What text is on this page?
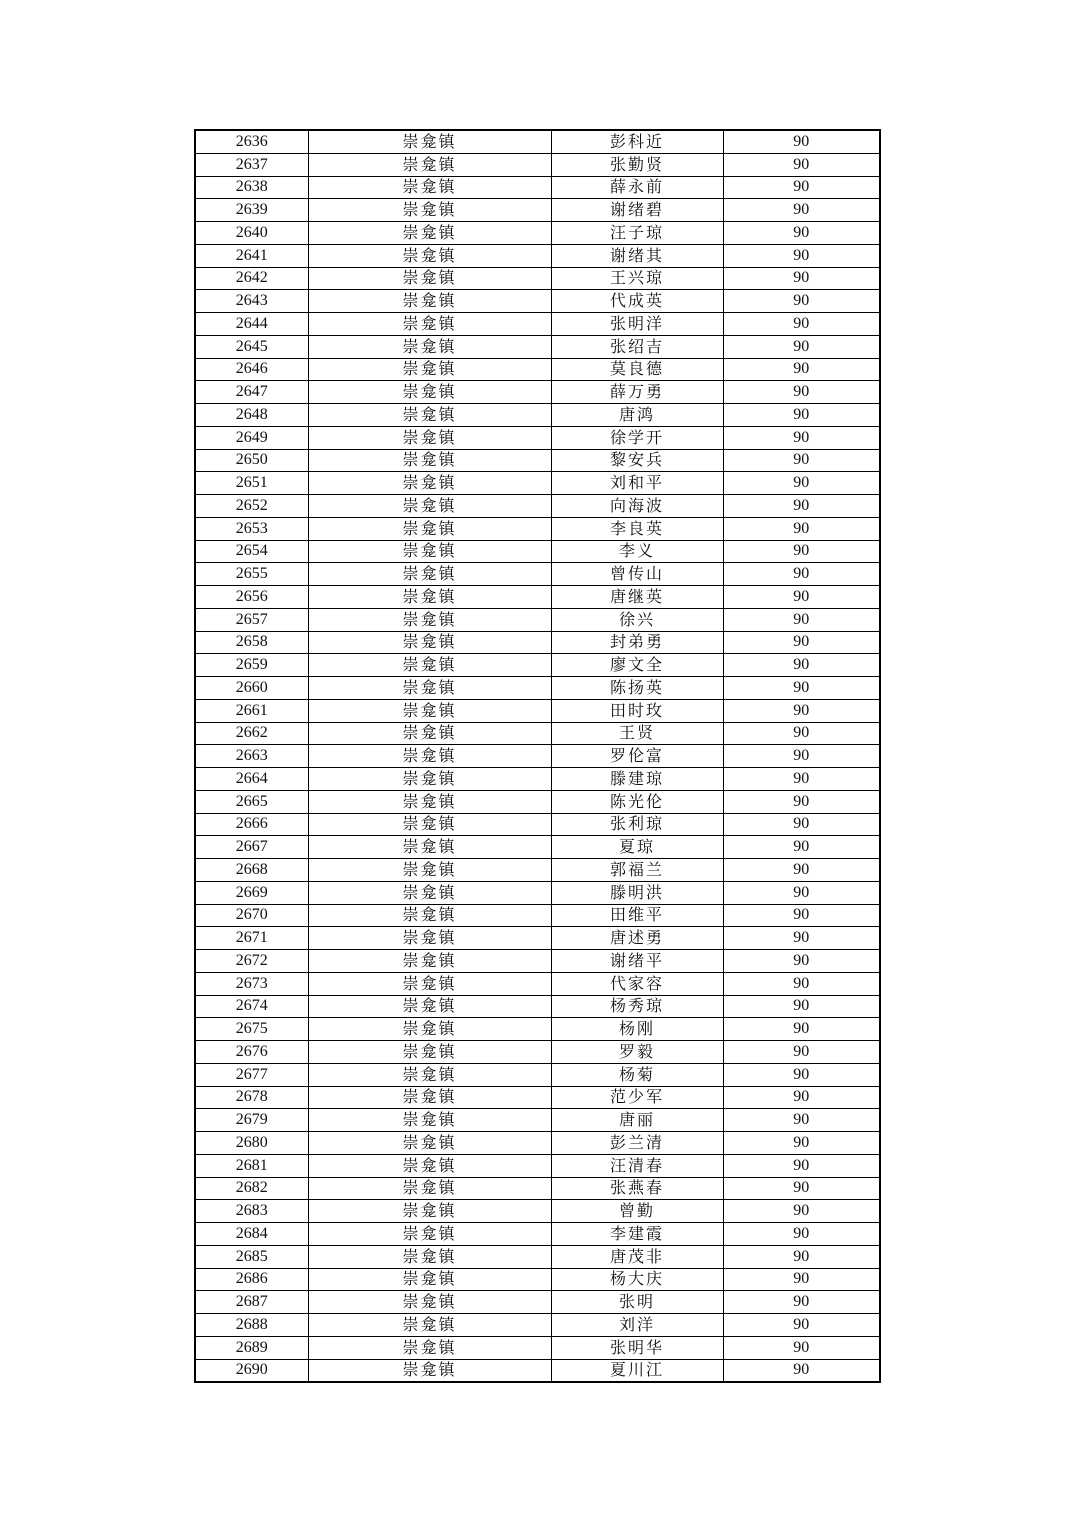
2636	崇龛镇	彭科近	90
2637	崇龛镇	张勤贤	90
2638	崇龛镇	薛永前	90
2639	崇龛镇	谢绪碧	90
2640	崇龛镇	汪子琼	90
2641	崇龛镇	谢绪其	90
2642	崇龛镇	王兴琼	90
2643	崇龛镇	代成英	90
2644	崇龛镇	张明洋	90
2645	崇龛镇	张绍吉	90
2646	崇龛镇	莫良德	90
2647	崇龛镇	薛万勇	90
2648	崇龛镇	唐鸿	90
2649	崇龛镇	徐学开	90
2650	崇龛镇	黎安兵	90
2651	崇龛镇	刘和平	90
2652	崇龛镇	向海波	90
2653	崇龛镇	李良英	90
2654	崇龛镇	李义	90
2655	崇龛镇	曾传山	90
2656	崇龛镇	唐继英	90
2657	崇龛镇	徐兴	90
2658	崇龛镇	封弟勇	90
2659	崇龛镇	廖文全	90
2660	崇龛镇	陈扬英	90
2661	崇龛镇	田时玫	90
2662	崇龛镇	王贤	90
2663	崇龛镇	罗伦富	90
2664	崇龛镇	滕建琼	90
2665	崇龛镇	陈光伦	90
2666	崇龛镇	张利琼	90
2667	崇龛镇	夏琼	90
2668	崇龛镇	郭福兰	90
2669	崇龛镇	滕明洪	90
2670	崇龛镇	田维平	90
2671	崇龛镇	唐述勇	90
2672	崇龛镇	谢绪平	90
2673	崇龛镇	代家容	90
2674	崇龛镇	杨秀琼	90
2675	崇龛镇	杨刚	90
2676	崇龛镇	罗毅	90
2677	崇龛镇	杨菊	90
2678	崇龛镇	范少军	90
2679	崇龛镇	唐丽	90
2680	崇龛镇	彭兰清	90
2681	崇龛镇	汪清春	90
2682	崇龛镇	张燕春	90
2683	崇龛镇	曾勤	90
2684	崇龛镇	李建霞	90
2685	崇龛镇	唐茂非	90
2686	崇龛镇	杨大庆	90
2687	崇龛镇	张明	90
2688	崇龛镇	刘洋	90
2689	崇龛镇	张明华	90
2690	崇龛镇	夏川江	90
